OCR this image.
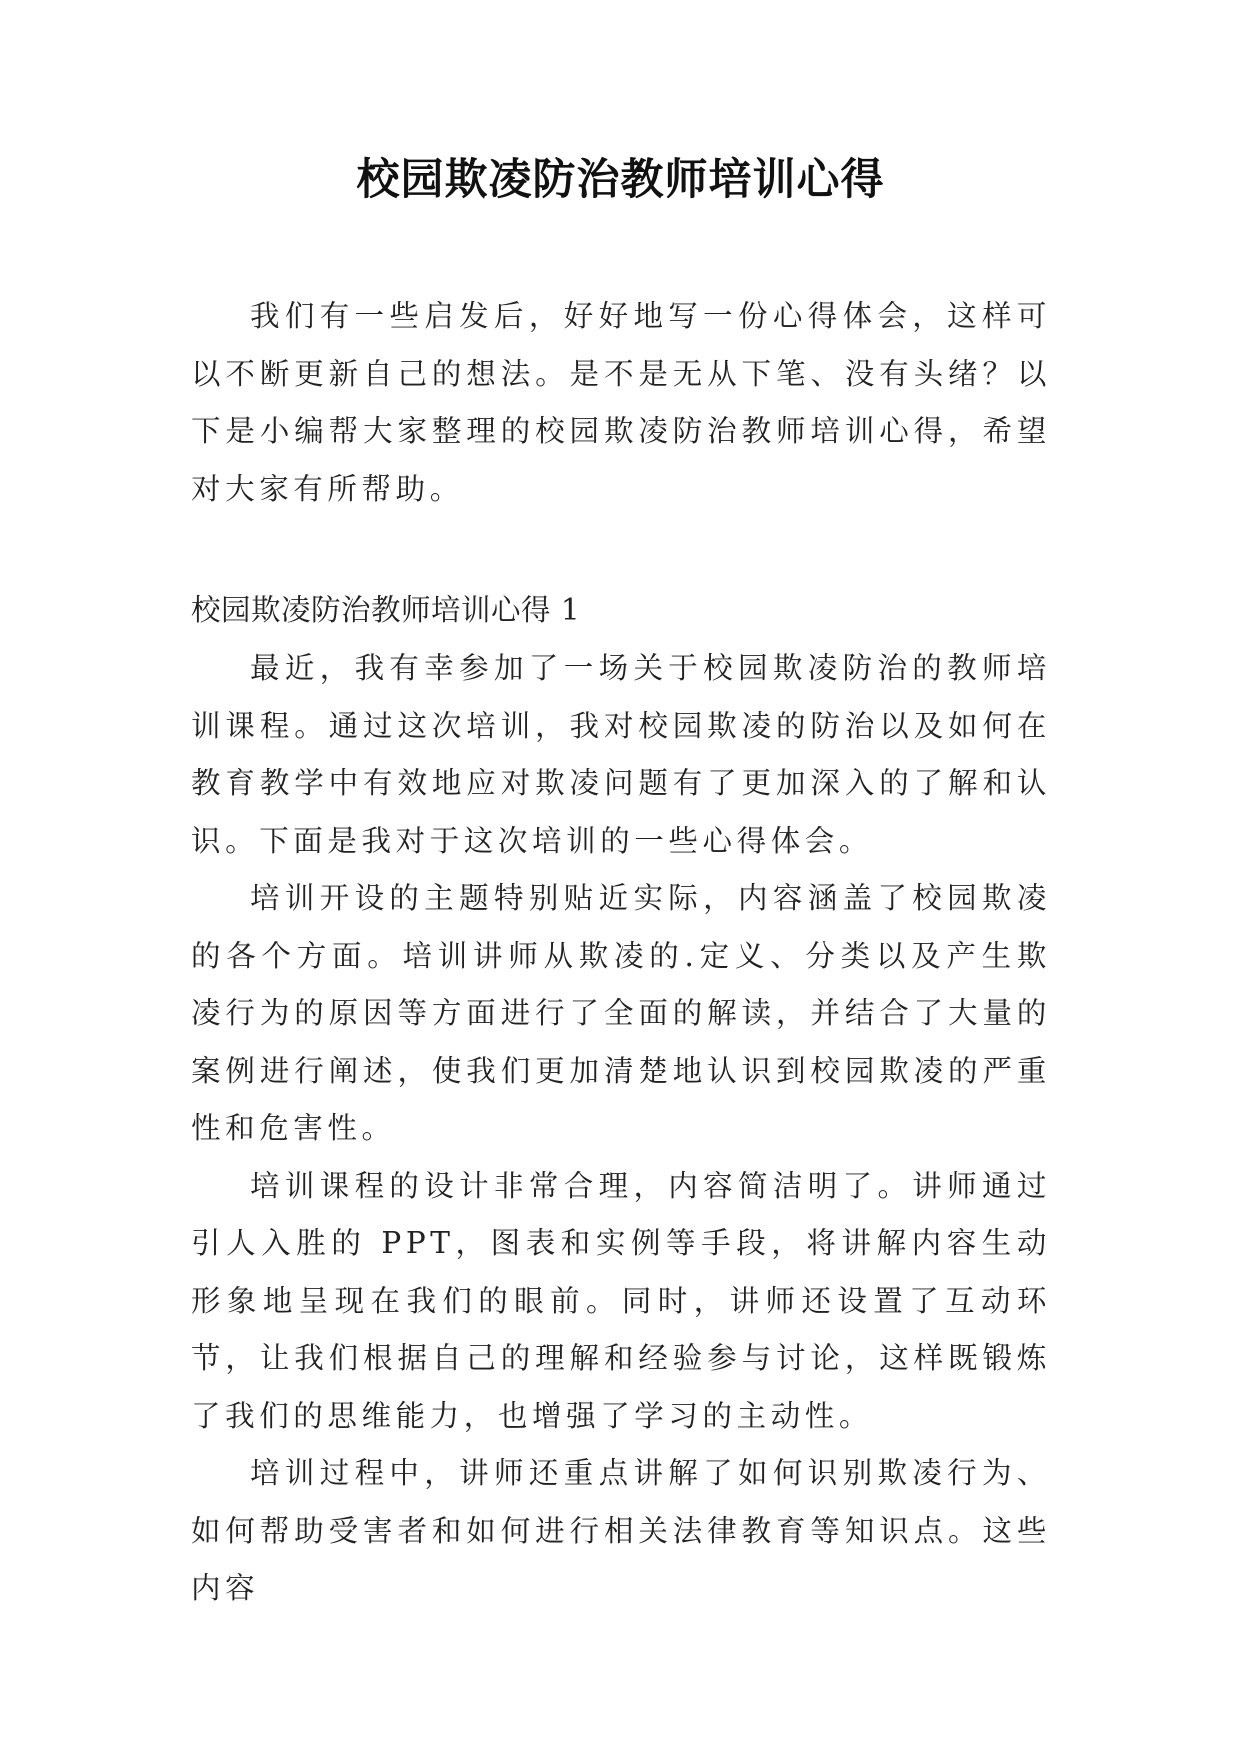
校园欺凌防治教师培训心得

我们有一些启发后，好好地写一份心得体会，这样可以不断更新自己的想法。是不是无从下笔、没有头绪？以下是小编帮大家整理的校园欺凌防治教师培训心得，希望对大家有所帮助。

校园欺凌防治教师培训心得 1

最近，我有幸参加了一场关于校园欺凌防治的教师培训课程。通过这次培训，我对校园欺凌的防治以及如何在教育教学中有效地应对欺凌问题有了更加深入的了解和认识。下面是我对于这次培训的一些心得体会。

培训开设的主题特别贴近实际，内容涵盖了校园欺凌的各个方面。培训讲师从欺凌的.定义、分类以及产生欺凌行为的原因等方面进行了全面的解读，并结合了大量的案例进行阐述，使我们更加清楚地认识到校园欺凌的严重性和危害性。

培训课程的设计非常合理，内容简洁明了。讲师通过引人入胜的 PPT，图表和实例等手段，将讲解内容生动形象地呈现在我们的眼前。同时，讲师还设置了互动环节，让我们根据自己的理解和经验参与讨论，这样既锻炼了我们的思维能力，也增强了学习的主动性。

培训过程中，讲师还重点讲解了如何识别欺凌行为、如何帮助受害者和如何进行相关法律教育等知识点。这些内容
